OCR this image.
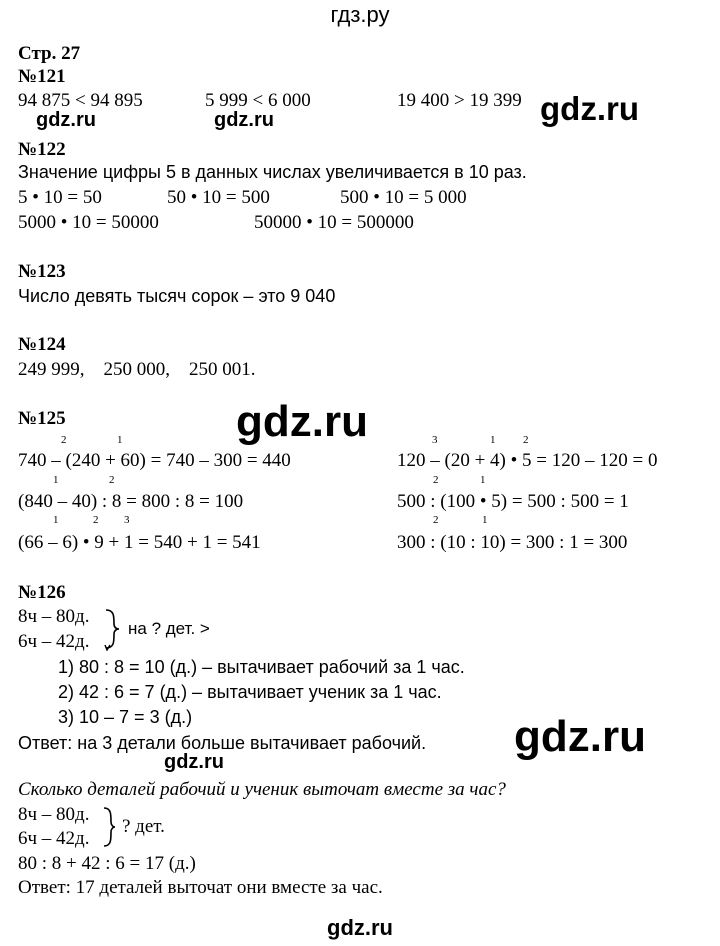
гдз.ру
Стр. 27
№121
94 875 < 94 895	5 999 < 6 000	19 400 > 19 399
gdz.ru	gdz.ru	gdz.ru
№122
Значение цифры 5 в данных числах увеличивается в 10 раз.
5 • 10 = 50	50 • 10 = 500	500 • 10 = 5 000
5000 • 10 = 50000	50000 • 10 = 500000
№123
Число девять тысяч сорок – это 9 040
№124
249 999,    250 000,    250 001.
№125	gdz.ru
2	1
740 – (240 + 60) = 740 – 300 = 440
1	2
(840 – 40) : 8 = 800 : 8 = 100
1	2 3
(66 – 6) • 9 + 1 = 540 + 1 = 541
3	1	2
120 – (20 + 4) • 5 = 120 – 120 = 0
2	1
500 : (100 • 5) = 500 : 500 = 1
2	1
300 : (10 : 10) = 300 : 1 = 300
№126
8ч – 80д.
6ч – 42д.
на ? дет. >
1) 80 : 8 = 10 (д.) – вытачивает рабочий за 1 час.
2) 42 : 6 = 7 (д.) – вытачивает ученик за 1 час.
3) 10 – 7 = 3 (д.)
Ответ: на 3 детали больше вытачивает рабочий. gdz.ru
gdz.ru
Сколько деталей рабочий и ученик выточат вместе за час?
8ч – 80д.
6ч – 42д.
? дет.
80 : 8 + 42 : 6 = 17 (д.)
Ответ: 17 деталей выточат они вместе за час.
gdz.ru
